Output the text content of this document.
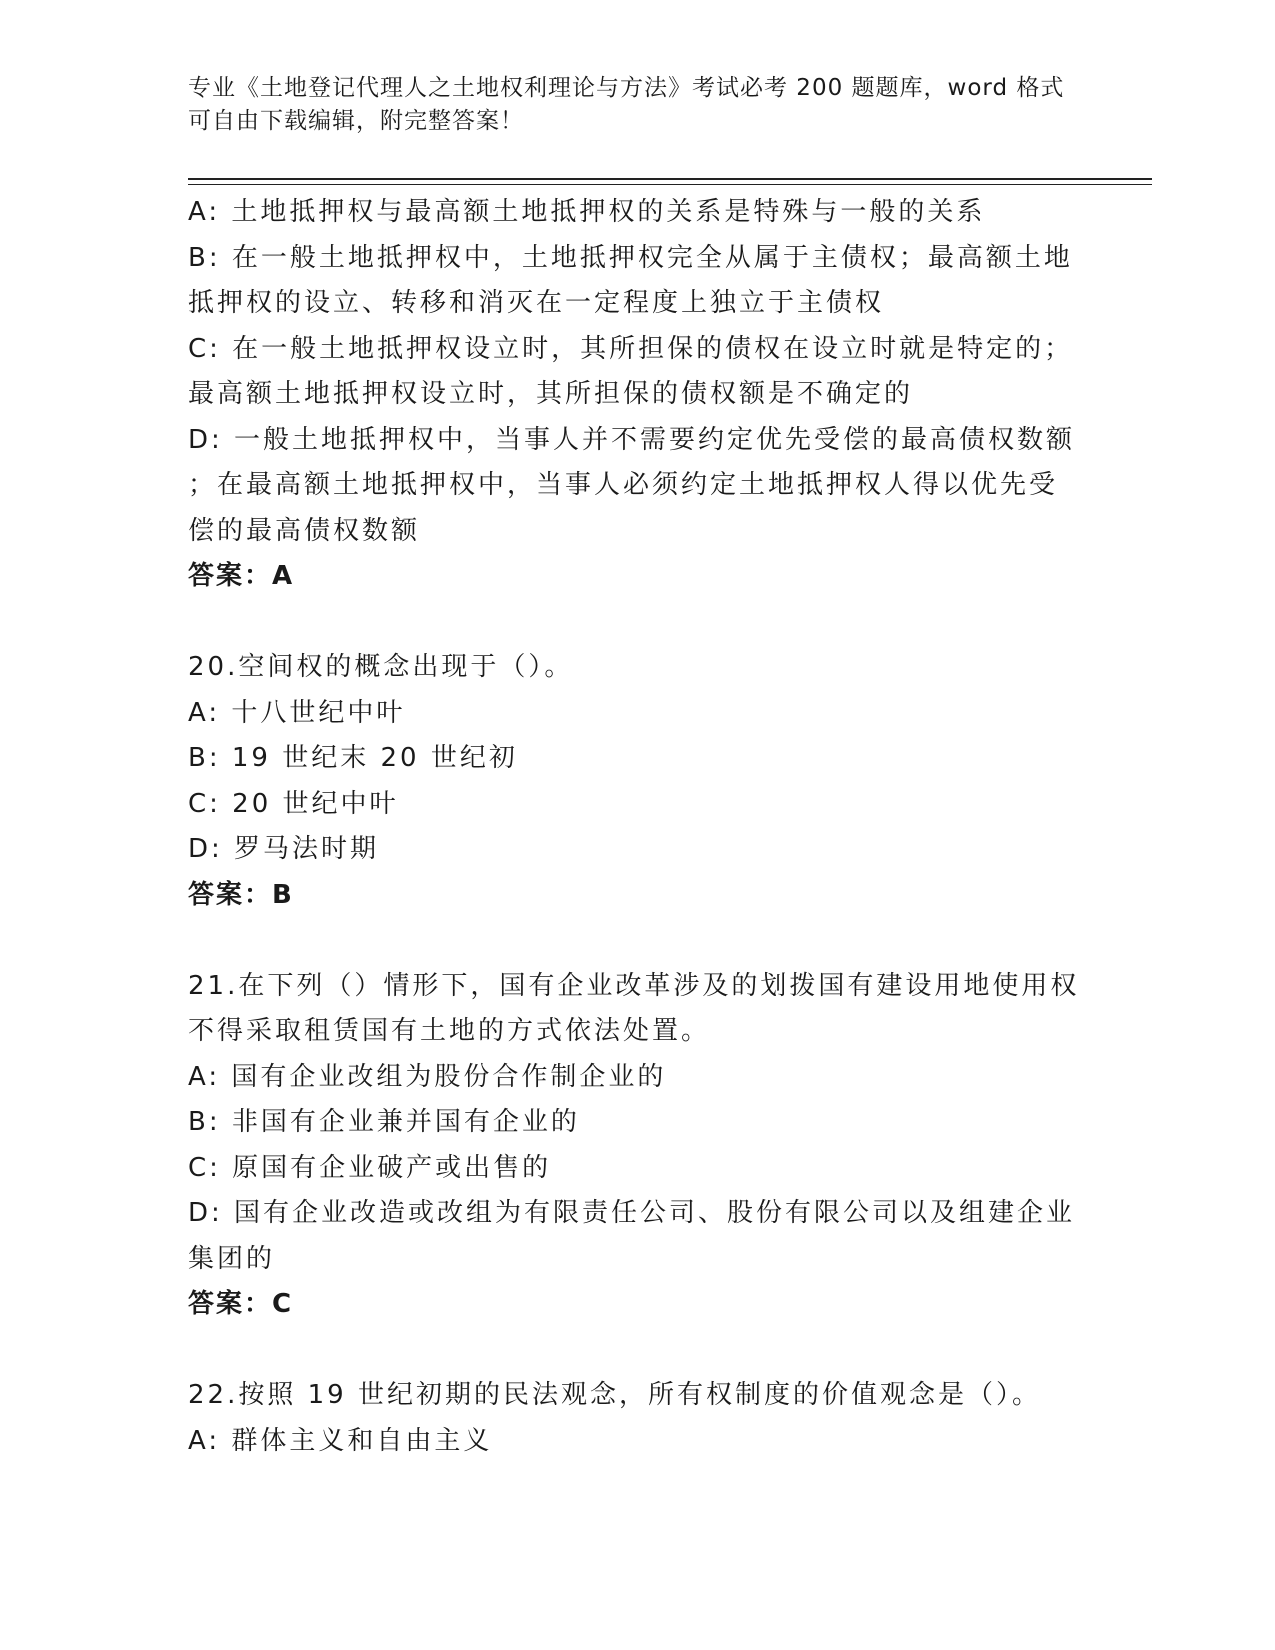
专业《土地登记代理人之土地权利理论与方法》考试必考 200 题题库，word 格式
可自由下载编辑，附完整答案！
A: 土地抵押权与最高额土地抵押权的关系是特殊与一般的关系
B: 在一般土地抵押权中，土地抵押权完全从属于主债权；最高额土地
抵押权的设立、转移和消灭在一定程度上独立于主债权
C: 在一般土地抵押权设立时，其所担保的债权在设立时就是特定的；
最高额土地抵押权设立时，其所担保的债权额是不确定的
D: 一般土地抵押权中，当事人并不需要约定优先受偿的最高债权数额
；在最高额土地抵押权中，当事人必须约定土地抵押权人得以优先受
偿的最高债权数额
答案：A
20.空间权的概念出现于（）。
A: 十八世纪中叶
B: 19 世纪末 20 世纪初
C: 20 世纪中叶
D: 罗马法时期
答案：B
21.在下列（）情形下，国有企业改革涉及的划拨国有建设用地使用权
不得采取租赁国有土地的方式依法处置。
A: 国有企业改组为股份合作制企业的
B: 非国有企业兼并国有企业的
C: 原国有企业破产或出售的
D: 国有企业改造或改组为有限责任公司、股份有限公司以及组建企业
集团的
答案：C
22.按照 19 世纪初期的民法观念，所有权制度的价值观念是（）。
A: 群体主义和自由主义
